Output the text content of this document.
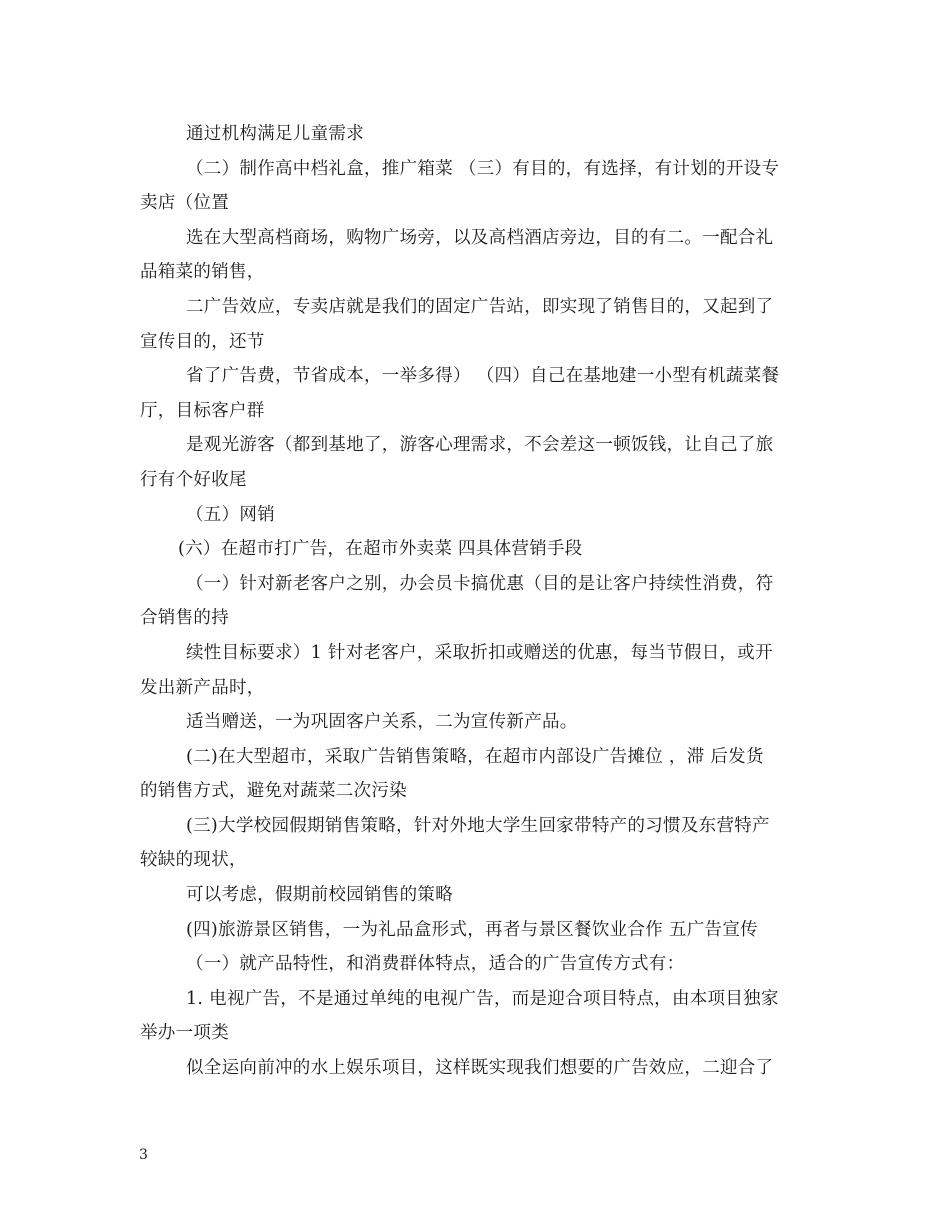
通过机构满足儿童需求
（二）制作高中档礼盒，推广箱菜 （三）有目的，有选择，有计划的开设专
卖店（位置
选在大型高档商场，购物广场旁，以及高档酒店旁边，目的有二。一配合礼
品箱菜的销售，
二广告效应，专卖店就是我们的固定广告站，即实现了销售目的，又起到了
宣传目的，还节
省了广告费，节省成本，一举多得） （四）自己在基地建一小型有机蔬菜餐
厅，目标客户群
是观光游客（都到基地了，游客心理需求，不会差这一顿饭钱，让自己了旅
行有个好收尾
（五）网销
(六）在超市打广告，在超市外卖菜 四具体营销手段
（一）针对新老客户之别，办会员卡搞优惠（目的是让客户持续性消费，符
合销售的持
续性目标要求）1 针对老客户，采取折扣或赠送的优惠，每当节假日，或开
发出新产品时，
适当赠送，一为巩固客户关系，二为宣传新产品。
(二)在大型超市，采取广告销售策略，在超市内部设广告摊位 ，滞 后发货
的销售方式，避免对蔬菜二次污染
(三)大学校园假期销售策略，针对外地大学生回家带特产的习惯及东营特产
较缺的现状，
可以考虑，假期前校园销售的策略
(四)旅游景区销售，一为礼品盒形式，再者与景区餐饮业合作 五广告宣传
（一）就产品特性，和消费群体特点，适合的广告宣传方式有：
1. 电视广告，不是通过单纯的电视广告，而是迎合项目特点，由本项目独家
举办一项类
似全运向前冲的水上娱乐项目，这样既实现我们想要的广告效应，二迎合了
3
